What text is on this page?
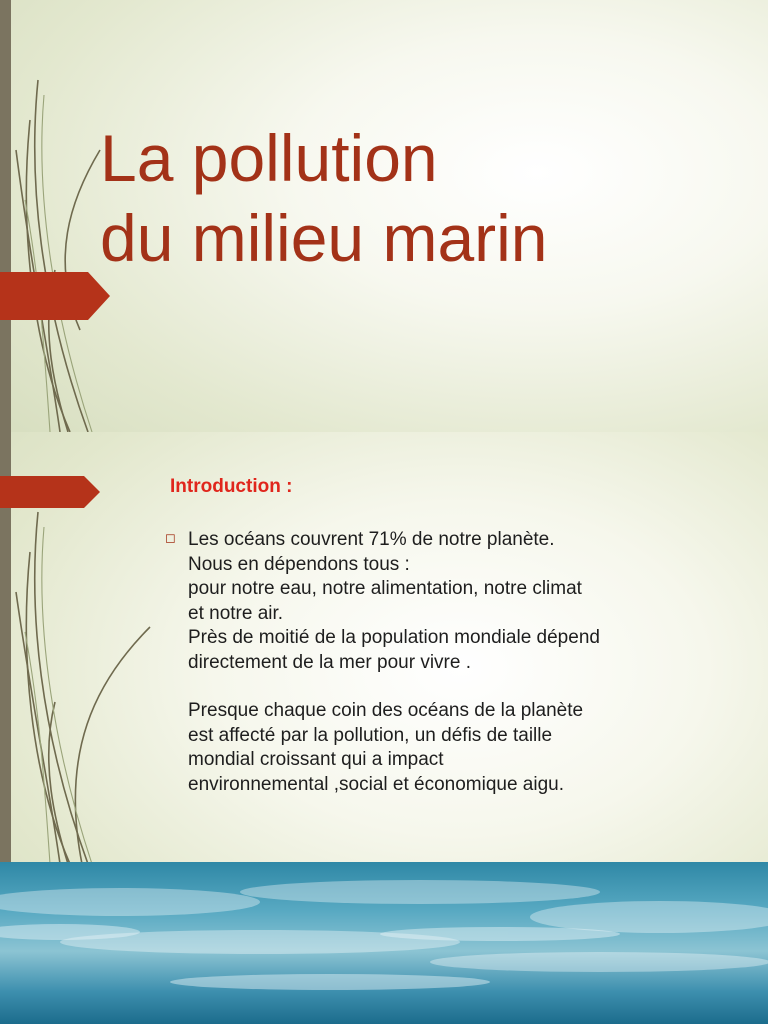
La pollution
du milieu marin
Introduction :
◻ Les océans couvrent 71% de notre planète.

Nous en dépendons tous :

pour notre eau, notre alimentation, notre climat

et notre air.

Près de moitié de la population mondiale dépend

directement de la mer pour vivre .

Presque chaque coin des océans de la planète

est affecté par la pollution, un défis de taille

mondial croissant qui a impact

environnemental ,social et économique aigu.
